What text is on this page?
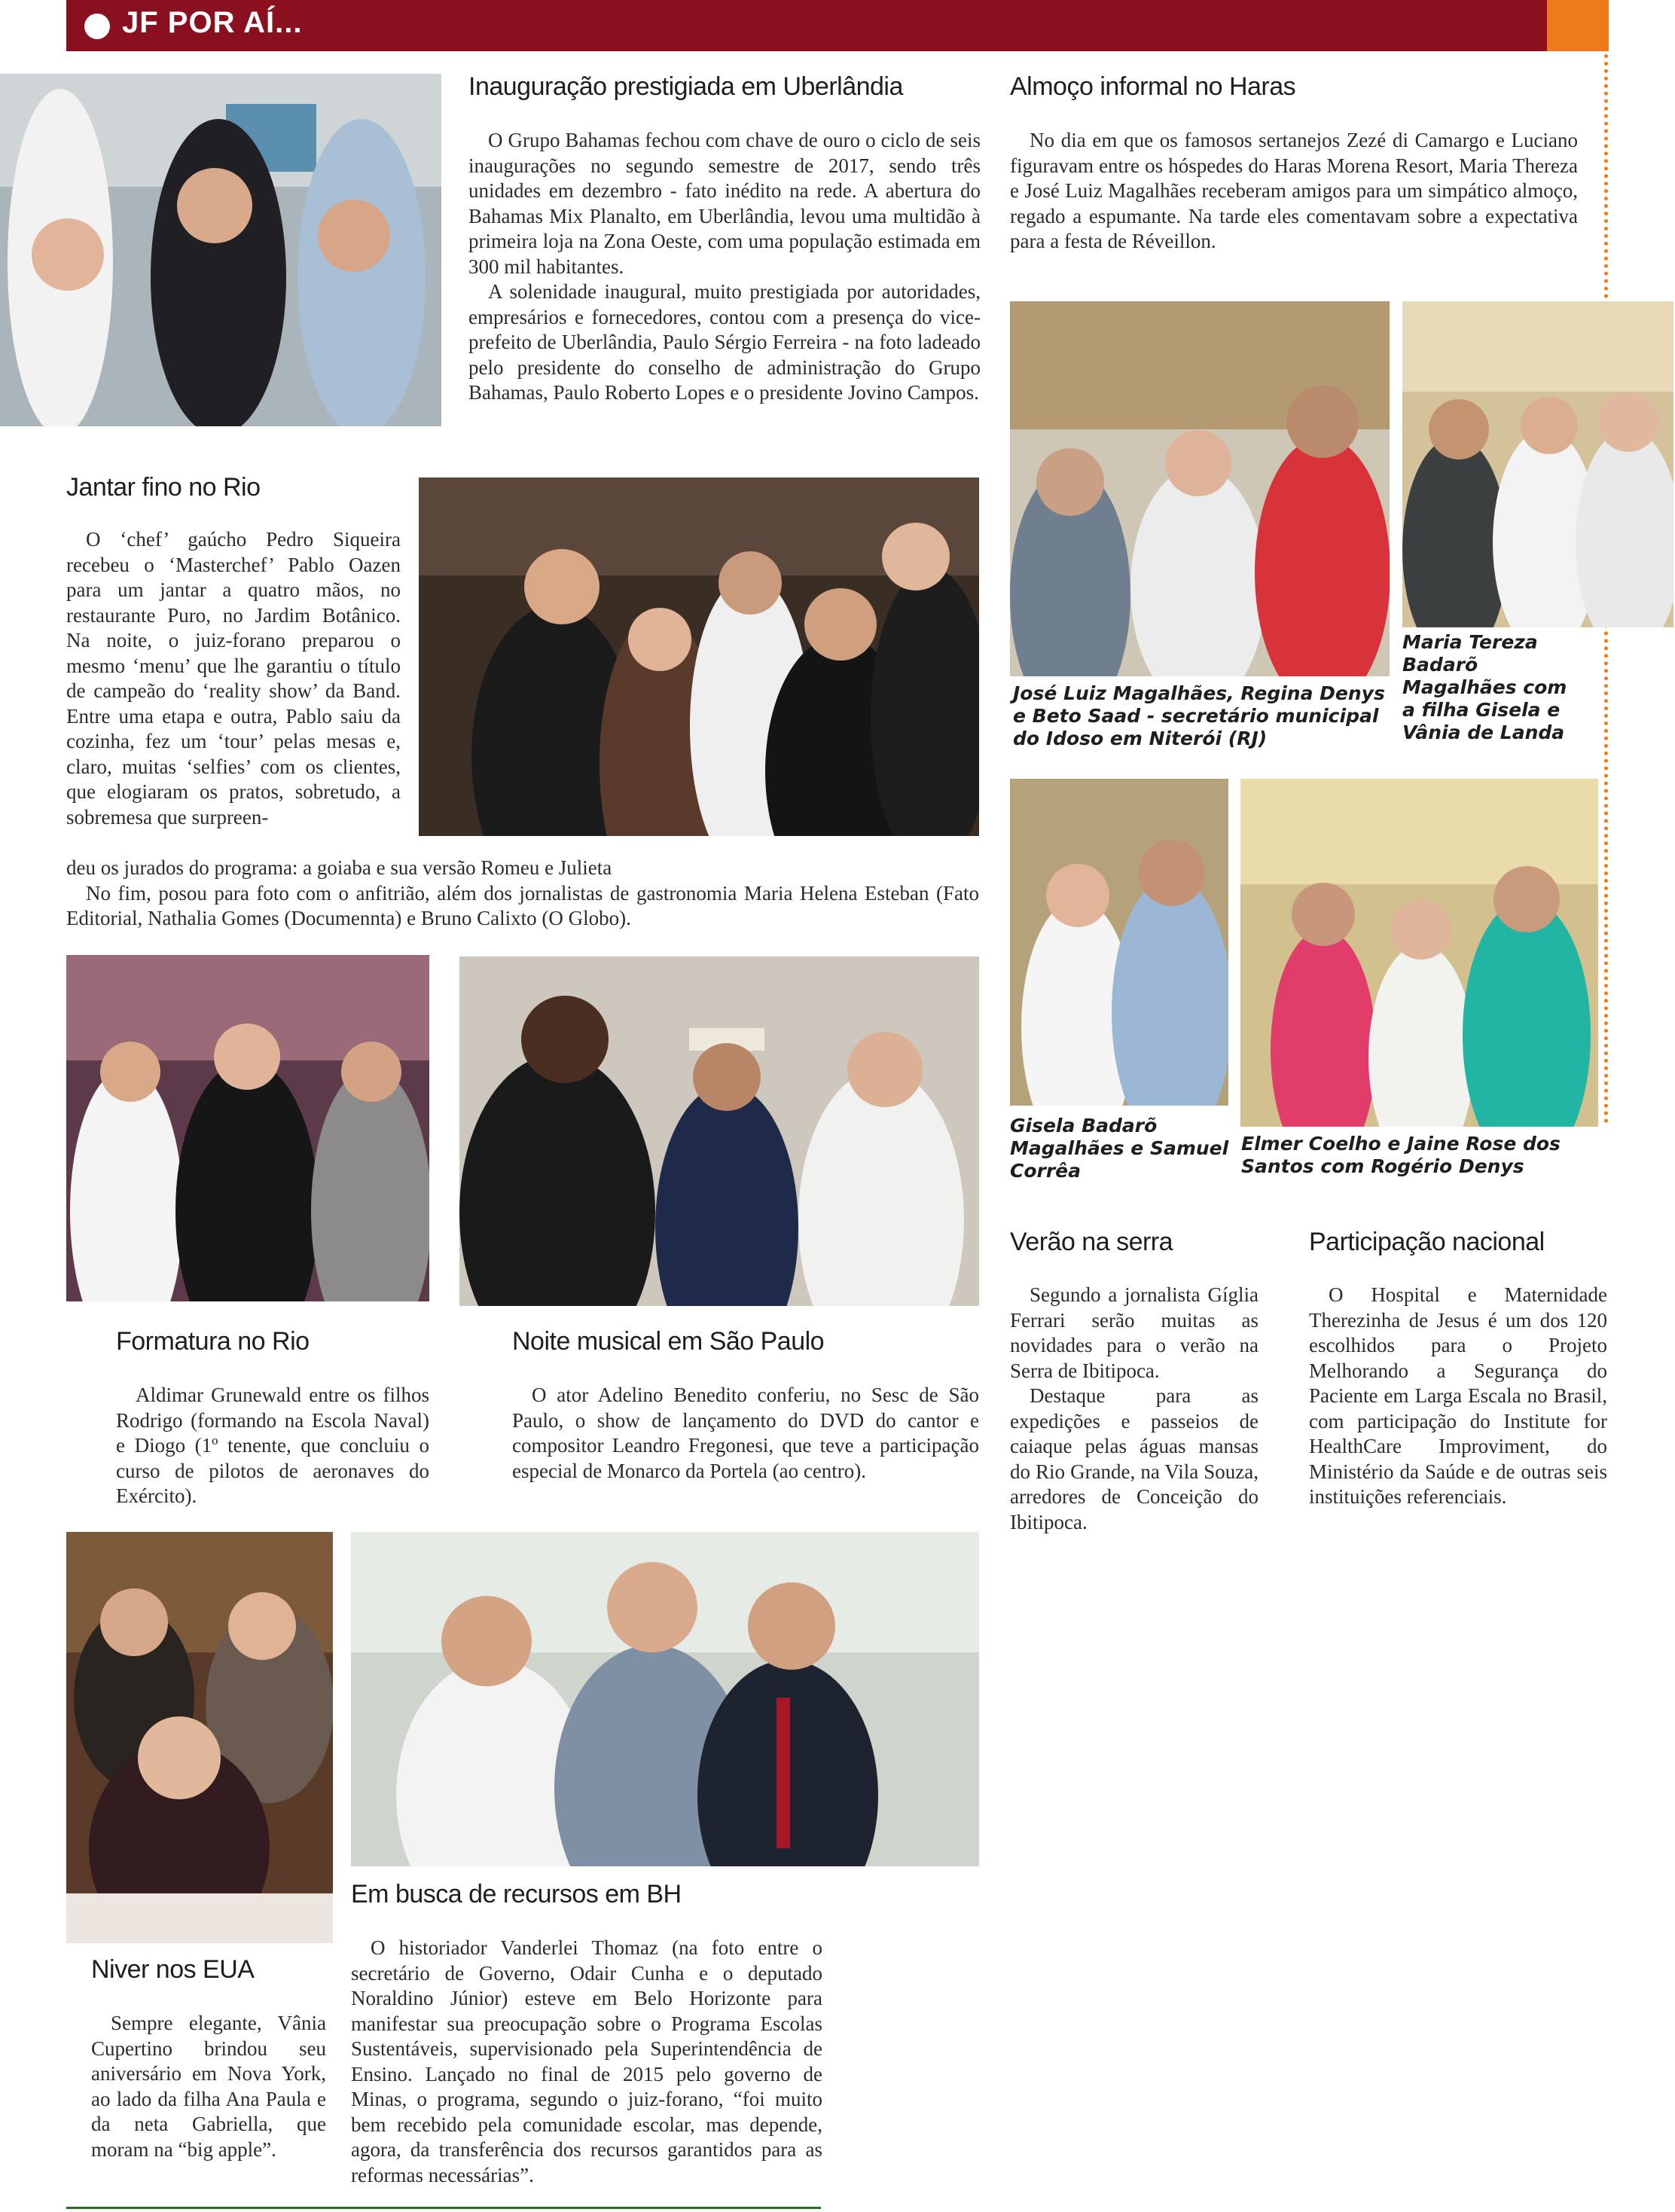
JF POR AÍ...
Inauguração prestigiada em Uberlândia

O Grupo Bahamas fechou com chave de ouro o ciclo de seis inaugurações no segundo semestre de 2017, sendo três unidades em dezembro - fato inédito na rede. A abertura do Bahamas Mix Planalto, em Uberlândia, levou uma multidão à primeira loja na Zona Oeste, com uma população estimada em 300 mil habitantes.

A solenidade inaugural, muito prestigiada por autoridades, empresários e fornecedores, contou com a presença do vice-prefeito de Uberlândia, Paulo Sérgio Ferreira - na foto ladeado pelo presidente do conselho de administração do Grupo Bahamas, Paulo Roberto Lopes e o presidente Jovino Campos.

Almoço informal no Haras

No dia em que os famosos sertanejos Zezé di Camargo e Luciano figuravam entre os hóspedes do Haras Morena Resort, Maria Thereza e José Luiz Magalhães receberam amigos para um simpático almoço, regado a espumante. Na tarde eles comentavam sobre a expectativa para a festa de Réveillon.

José Luiz Magalhães, Regina Denys e Beto Saad - secretário municipal do Idoso em Niterói (RJ)
Maria Tereza Badarõ Magalhães com a filha Gisela e Vânia de Landa
Gisela Badarõ Magalhães e Samuel Corrêa
Elmer Coelho e Jaine Rose dos Santos com Rogério Denys
Jantar fino no Rio

O ‘chef’ gaúcho Pedro Siqueira recebeu o ‘Masterchef’ Pablo Oazen para um jantar a quatro mãos, no restaurante Puro, no Jardim Botânico. Na noite, o juiz-forano preparou o mesmo ‘menu’ que lhe garantiu o título de campeão do ‘reality show’ da Band. Entre uma etapa e outra, Pablo saiu da cozinha, fez um ‘tour’ pelas mesas e, claro, muitas ‘selfies’ com os clientes, que elogiaram os pratos, sobretudo, a sobremesa que surpreen-

deu os jurados do programa: a goiaba e sua versão Romeu e Julieta

No fim, posou para foto com o anfitrião, além dos jornalistas de gastronomia Maria Helena Esteban (Fato Editorial, Nathalia Gomes (Documennta) e Bruno Calixto (O Globo).

Formatura no Rio

Aldimar Grunewald entre os filhos Rodrigo (formando na Escola Naval) e Diogo (1º tenente, que concluiu o curso de pilotos de aeronaves do Exército).

Noite musical em São Paulo

O ator Adelino Benedito conferiu, no Sesc de São Paulo, o show de lançamento do DVD do cantor e compositor Leandro Fregonesi, que teve a participação especial de Monarco da Portela (ao centro).

Verão na serra

Segundo a jornalista Gíglia Ferrari serão muitas as novidades para o verão na Serra de Ibitipoca.

Destaque para as expedições e passeios de caiaque pelas águas mansas do Rio Grande, na Vila Souza, arredores de Conceição do Ibitipoca.

Participação nacional

O Hospital e Maternidade Therezinha de Jesus é um dos 120 escolhidos para o Projeto Melhorando a Segurança do Paciente em Larga Escala no Brasil, com participação do Institute for HealthCare Improviment, do Ministério da Saúde e de outras seis instituições referenciais.

Niver nos EUA

Sempre elegante, Vânia Cupertino brindou seu aniversário em Nova York, ao lado da filha Ana Paula e da neta Gabriella, que moram na “big apple”.

Em busca de recursos em BH

O historiador Vanderlei Thomaz (na foto entre o secretário de Governo, Odair Cunha e o deputado Noraldino Júnior) esteve em Belo Horizonte para manifestar sua preocupação sobre o Programa Escolas Sustentáveis, supervisionado pela Superintendência de Ensino. Lançado no final de 2015 pelo governo de Minas, o programa, segundo o juiz-forano, “foi muito bem recebido pela comunidade escolar, mas depende, agora, da transferência dos recursos garantidos para as reformas necessárias”.
